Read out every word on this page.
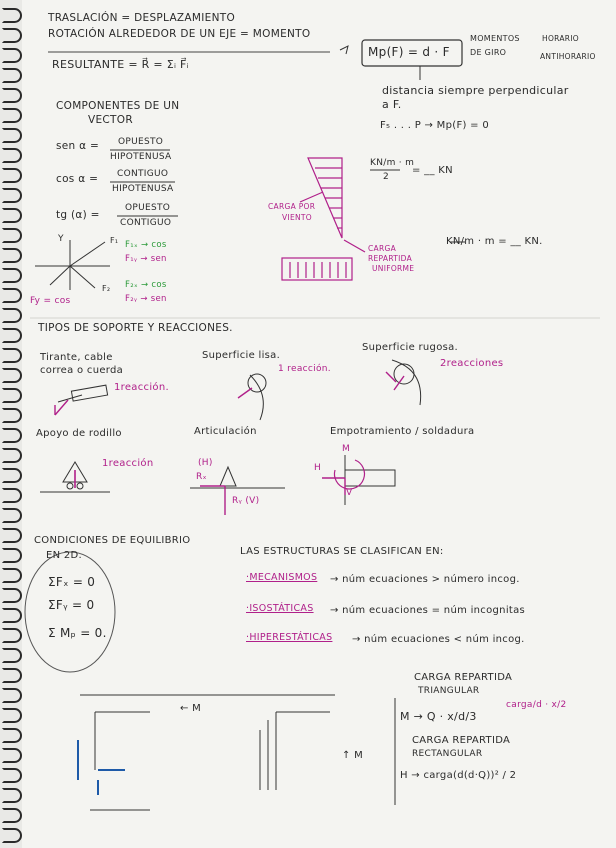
TRASLACIÓN = DESPLAZAMIENTO
ROTACIÓN ALREDEDOR DE UN EJE = MOMENTO
RESULTANTE = R⃗ = Σᵢ F⃗ᵢ
Mp(F) = d · F
MOMENTOS
DE GIRO
HORARIO
ANTIHORARIO
distancia siempre perpendicular
a F.
F₅ . . . P → Mp(F) = 0
COMPONENTES DE UN
VECTOR
sen α = OPUESTO
HIPOTENUSA
cos α = CONTIGUO
HIPOTENUSA
tg (α) =
OPUESTO
CONTIGUO
Y	F₁
F₂
F₁ₓ → cos
F₁ᵧ → sen
F₂ₓ → cos
F₂ᵧ → sen
Fy = cos
CARGA POR
VIENTO
CARGA
REPARTIDA
UNIFORME
KN/m · m
2
= __ KN
KN/m · m = __ KN.
TIPOS DE SOPORTE Y REACCIONES.
Tirante, cable
correa o cuerda
1reacción.
Superficie lisa.
1 reacción.
Superficie rugosa.
2reacciones
Apoyo de rodillo
1reacción
Articulación
(H)
Rₓ
Rᵧ (V)
Empotramiento / soldadura
H
M
V
CONDICIONES DE EQUILIBRIO
EN 2D.
ΣFₓ = 0
ΣFᵧ = 0
Σ Mₚ = 0.
LAS ESTRUCTURAS SE CLASIFICAN EN:
·MECANISMOS → núm ecuaciones > número incog.
·ISOSTÁTICAS → núm ecuaciones = núm incognitas
·HIPERESTÁTICAS → núm ecuaciones < núm incog.
CARGA REPARTIDA
TRIANGULAR
M → Q · x/d/3
carga/d · x/2
CARGA REPARTIDA
RECTANGULAR
H → carga(d(d·Q))² / 2
← M
↑ M
